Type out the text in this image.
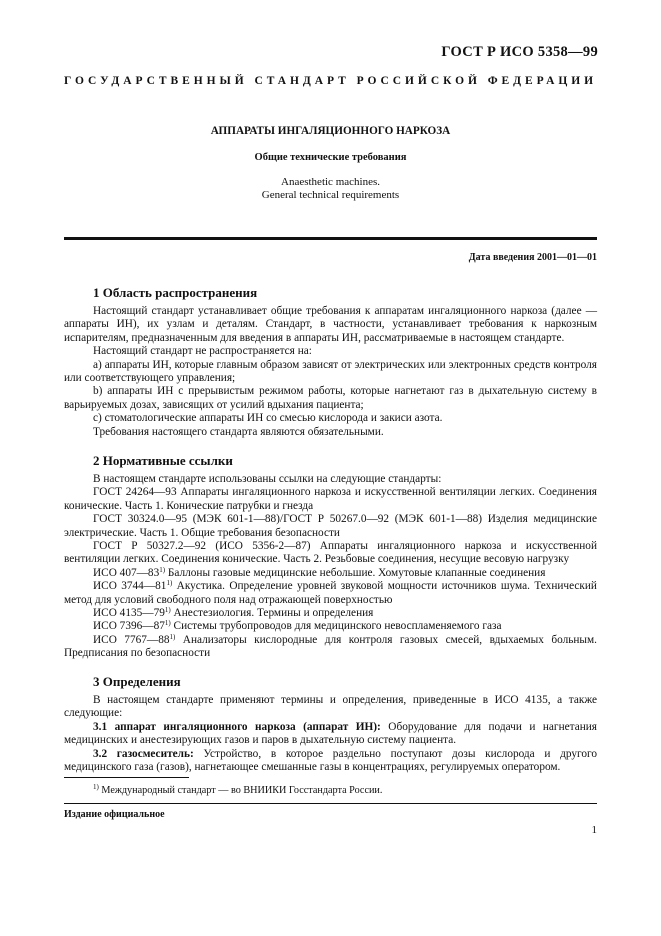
ГОСТ Р ИСО 5358—99
ГОСУДАРСТВЕННЫЙ СТАНДАРТ РОССИЙСКОЙ ФЕДЕРАЦИИ
АППАРАТЫ ИНГАЛЯЦИОННОГО НАРКОЗА
Общие технические требования
Anaesthetic machines.
General technical requirements
Дата введения 2001—01—01
1 Область распространения

Настоящий стандарт устанавливает общие требования к аппаратам ингаляционного наркоза (далее — аппараты ИН), их узлам и деталям. Стандарт, в частности, устанавливает требования к наркозным испарителям, предназначенным для введения в аппараты ИН, рассматриваемые в настоящем стандарте.

Настоящий стандарт не распространяется на:

а) аппараты ИН, которые главным образом зависят от электрических или электронных средств контроля или соответствующего управления;

b) аппараты ИН с прерывистым режимом работы, которые нагнетают газ в дыхательную систему в варьируемых дозах, зависящих от усилий вдыхания пациента;

с) стоматологические аппараты ИН со смесью кислорода и закиси азота.

Требования настоящего стандарта являются обязательными.

2 Нормативные ссылки

В настоящем стандарте использованы ссылки на следующие стандарты:

ГОСТ 24264—93 Аппараты ингаляционного наркоза и искусственной вентиляции легких. Соединения конические. Часть 1. Конические патрубки и гнезда

ГОСТ 30324.0—95 (МЭК 601-1—88)/ГОСТ Р 50267.0—92 (МЭК 601-1—88) Изделия медицинские электрические. Часть 1. Общие требования безопасности

ГОСТ Р 50327.2—92 (ИСО 5356-2—87) Аппараты ингаляционного наркоза и искусственной вентиляции легких. Соединения конические. Часть 2. Резьбовые соединения, несущие весовую нагрузку

ИСО 407—83$^{1)}$ Баллоны газовые медицинские небольшие. Хомутовые клапанные соединения

ИСО 3744—81$^{1)}$ Акустика. Определение уровней звуковой мощности источников шума. Технический метод для условий свободного поля над отражающей поверхностью

ИСО 4135—79$^{1)}$ Анестезиология. Термины и определения

ИСО 7396—87$^{1)}$ Системы трубопроводов для медицинского невоспламеняемого газа

ИСО 7767—88$^{1)}$ Анализаторы кислородные для контроля газовых смесей, вдыхаемых больным. Предписания по безопасности

3 Определения

В настоящем стандарте применяют термины и определения, приведенные в ИСО 4135, а также следующие:

3.1 аппарат ингаляционного наркоза (аппарат ИН): Оборудование для подачи и нагнетания медицинских и анестезирующих газов и паров в дыхательную систему пациента.

3.2 газосмеситель: Устройство, в которое раздельно поступают дозы кислорода и другого медицинского газа (газов), нагнетающее смешанные газы в концентрациях, регулируемых оператором.

$^{1)}$ Международный стандарт — во ВНИИКИ Госстандарта России.
Издание официальное
1
